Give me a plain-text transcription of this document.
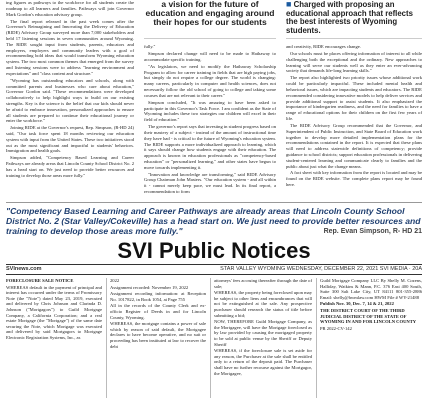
ing figures as pathways to the workforce for all students create the roadmap to all learners and families. Pathways will join Governor Mark Gordon's education advisory group.

The final report released in the past week comes after the Governor's Reimagining and Innovating the Delivery of Education (RIDE) Advisory Group surveyed more than 7,000 stakeholders and held 17 listening sessions in seven communities around Wyoming. The RIDE sought input from students, parents, educators and employers, employers and community leaders with a goal of recommending bold ideas that would transform Wyoming education system. The two most common themes that emerged from the survey and listening sessions were to address "learning environment and expectations" and "class content and structure."

"Wyoming has outstanding educators and schools, along with committed parents and businesses who care about education," Governor Gordon said. "These recommendations were developed collaboratively to help highlight ways to build on our existing strengths. Key is the science is the belief that our kids should never be afraid to embrace innovation, personalized approaches to ensure all students are prepared to continue their educational journey or enter the workforce."

Joining RIDE at the Governor's request, Rep. Simpson, (R-HD 24) said, "Our task force spent 18 months reviewing our education system with input from the United States. These two initiatives stood out as the most significant and impactful to students' behaviors. Immigration and health goals.

Simpson added, "Competency Based Learning and Career Pathways are already areas that Lincoln County School District No. 2 has a head start on. We just need to provide better resources and training to develop those areas more fully."

a vision for the future of education and engaging around their hopes for our students
■ Charged with proposing an educational approach that reflects the best interests of Wyoming students.

fully."

Simpson declared change will need to be made to Hathaway to accommodate specific training.

"As legislators, we need to modify the Hathaway Scholarship Program to allow for career training in fields that are high paying jobs, but simply do not require a college degree. The world is changing: many careers, particularly in computer and health sciences, does not necessarily follow the old school of going to college and taking some courses that are not relevant to their career."

Simpson concluded, "It was amazing to have been asked to participate in this Governor's Task Force. I am confident as the State of Wyoming includes these two strategies our children will excel in their field of education."

The governor's report says that investing in student progress based on their mastery of a subject - instead of the amount of instructional time they have had - is critical to the future of Wyoming's education system. The RIDE supports a more individualized approach to learning, which it says should change how students engage with their education. The approach is known in education professionals as "competency-based education" or "personalized learning," and other states have begun to move towards implementing it.

"Innovation and knowledge are transforming," said RIDE Advisory Group Chairman John Masters. "Our education system - and all within it - cannot merely keep pace, we must lead. In its final report, a recommendation to form

and creativity, RIDE encourages change.

Our schools must be places offering information of interest to all while challenging both the exceptional and the ordinary. New approaches to learning will serve our students well as they enter an ever-advancing society that demands life-long learning skills."

The report also highlighted two priority issues whose additional work could be particularly impactful. These included mental health and behavioral issues, which are impacting students and educators. The RIDE recommended considering innovative models to help deliver services and provide additional support to assist students. It also emphasized the importance of kindergarten readiness, and the need for families to have a range of educational options for their children on the first few years of life.

The RIDE Advisory Group recommended that the Governor, and Superintendent of Public Instruction, and State Board of Education work together to develop more detailed implementation plans for the recommendations contained in the report. It is expected that these plans will need to address statewide definitions of competency; provide guidance to school districts; support education professionals in delivering student-centered learning and communicate clearly to families and the public about just what the change means.

A fact sheet with key information from the report is located and may be found on the RIDE website. The complete plans report may be found here.

"Competency Based Learning and Career Pathways are already areas that Lincoln County School District No. 2 (Star Valley/Cokeville) has a head start on. We just need to provide better resources and training to develop those areas more fully."	Rep. Evan Simpson, R- HD 21
SVI Public Notices
SVInews.com	STAR VALLEY WYOMING WEDNESDAY, DECEMBER 22, 2021 SVI MEDIA · 20A

FORECLOSURE SALE NOTICE

WHEREAS default in the payment of principal and interest has occurred under the terms of Promissory Note (the "Note") dated May 23, 2019, executed and delivered by Chris Johnson and Clarinda D. Johnson ("Mortgagors") to Guild Mortgage Company, a California Corporation; and a real estate Mortgage (the "Mortgage") of the same date securing the Note, which Mortgage was executed and delivered by said Mortgagors to Mortgage Electronic Registration Systems, Inc., as

2022

Assignment recorded: November 19, 2022

Assignment recording information: at Reception No. 1017822, in Book 1054, at Page 755

All in the records of the County Clerk and ex-officio Register of Deeds in and for Lincoln County, Wyoming.

WHEREAS, the mortgage contains a power of sale which by reason of said default, the Mortgagee declares to have become operative, and no suit or proceeding has been instituted at law to recover the debt

attorneys' fees accruing thereafter through the date of sale;

WHEREAS, the property being foreclosed upon may be subject to other liens and encumbrances that will not be extinguished at the sale. Any prospective purchaser should research the status of title before submitting a bid;

NOW, THEREFORE Guild Mortgage Company, as the Mortgagee, will have the Mortgage foreclosed as by law provided by causing the mortgaged property to be sold at public venue by the Sheriff or Deputy Sheriff

WHEREAS, if the foreclosure sale is set aside for any reason, the Purchaser at the sale shall be entitled only to a return of the deposit paid. The Purchaser shall have no further recourse against the Mortgagor, the Mortgagee,

Guild Mortgage Company LLC By Shelly M. Cozens, Halliday, Watkins & Mann, P.C. 376 East 400 South, Suite 300 Salt Lake City, UT 84111 801-355-2886 Email: shelly@hwmlaw.com HWM File # WY-21488

Publish Nov. 30, Dec. 7, 14 & 21, 2022

THE DISTRICT COURT OF THE THIRD JUDICIAL DISTRICT OF THE STATE OF WYOMING IN AND FOR LINCOLN COUNTY

PR 2022-CV-142
